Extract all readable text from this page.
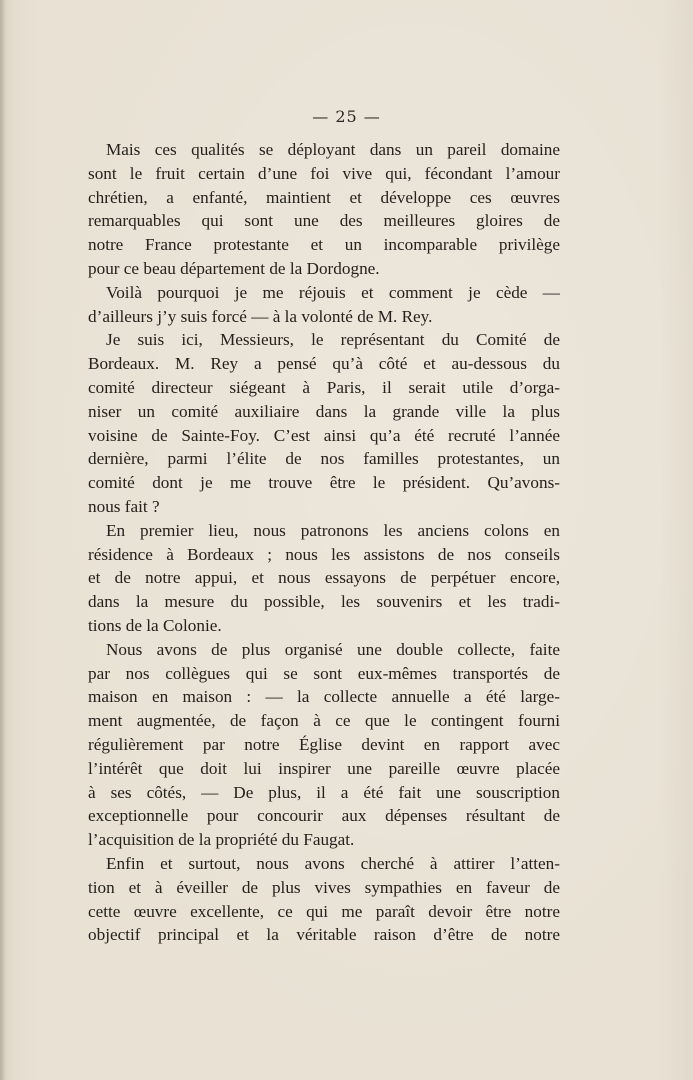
— 25 —
Mais ces qualités se déployant dans un pareil domaine
sont le fruit certain d’une foi vive qui, fécondant l’amour
chrétien, a enfanté, maintient et développe ces œuvres
remarquables qui sont une des meilleures gloires de
notre France protestante et un incomparable privilège
pour ce beau département de la Dordogne.
Voilà pourquoi je me réjouis et comment je cède —
d’ailleurs j’y suis forcé — à la volonté de M. Rey.
Je suis ici, Messieurs, le représentant du Comité de
Bordeaux. M. Rey a pensé qu’à côté et au-dessous du
comité directeur siégeant à Paris, il serait utile d’orga-
niser un comité auxiliaire dans la grande ville la plus
voisine de Sainte-Foy. C’est ainsi qu’a été recruté l’année
dernière, parmi l’élite de nos familles protestantes, un
comité dont je me trouve être le président. Qu’avons-
nous fait ?
En premier lieu, nous patronons les anciens colons en
résidence à Bordeaux ; nous les assistons de nos conseils
et de notre appui, et nous essayons de perpétuer encore,
dans la mesure du possible, les souvenirs et les tradi-
tions de la Colonie.
Nous avons de plus organisé une double collecte, faite
par nos collègues qui se sont eux-mêmes transportés de
maison en maison : — la collecte annuelle a été large-
ment augmentée, de façon à ce que le contingent fourni
régulièrement par notre Église devint en rapport avec
l’intérêt que doit lui inspirer une pareille œuvre placée
à ses côtés, — De plus, il a été fait une souscription
exceptionnelle pour concourir aux dépenses résultant de
l’acquisition de la propriété du Faugat.
Enfin et surtout, nous avons cherché à attirer l’atten-
tion et à éveiller de plus vives sympathies en faveur de
cette œuvre excellente, ce qui me paraît devoir être notre
objectif principal et la véritable raison d’être de notre
